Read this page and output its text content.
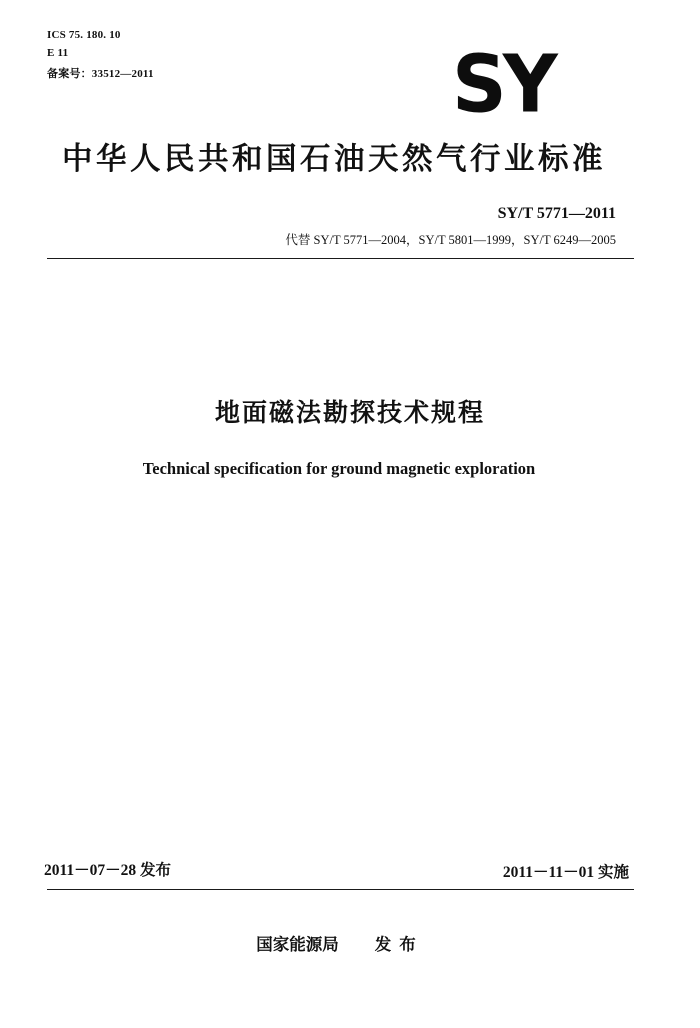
ICS 75. 180. 10
E 11
备案号：33512—2011	SY
中华人民共和国石油天然气行业标准
SY/T 5771—2011
代替 SY/T 5771—2004，SY/T 5801—1999，SY/T 6249—2005
地面磁法勘探技术规程
Technical specification for ground magnetic exploration
2011－07－28 发布	2011－11－01 实施
国家能源局 发布
